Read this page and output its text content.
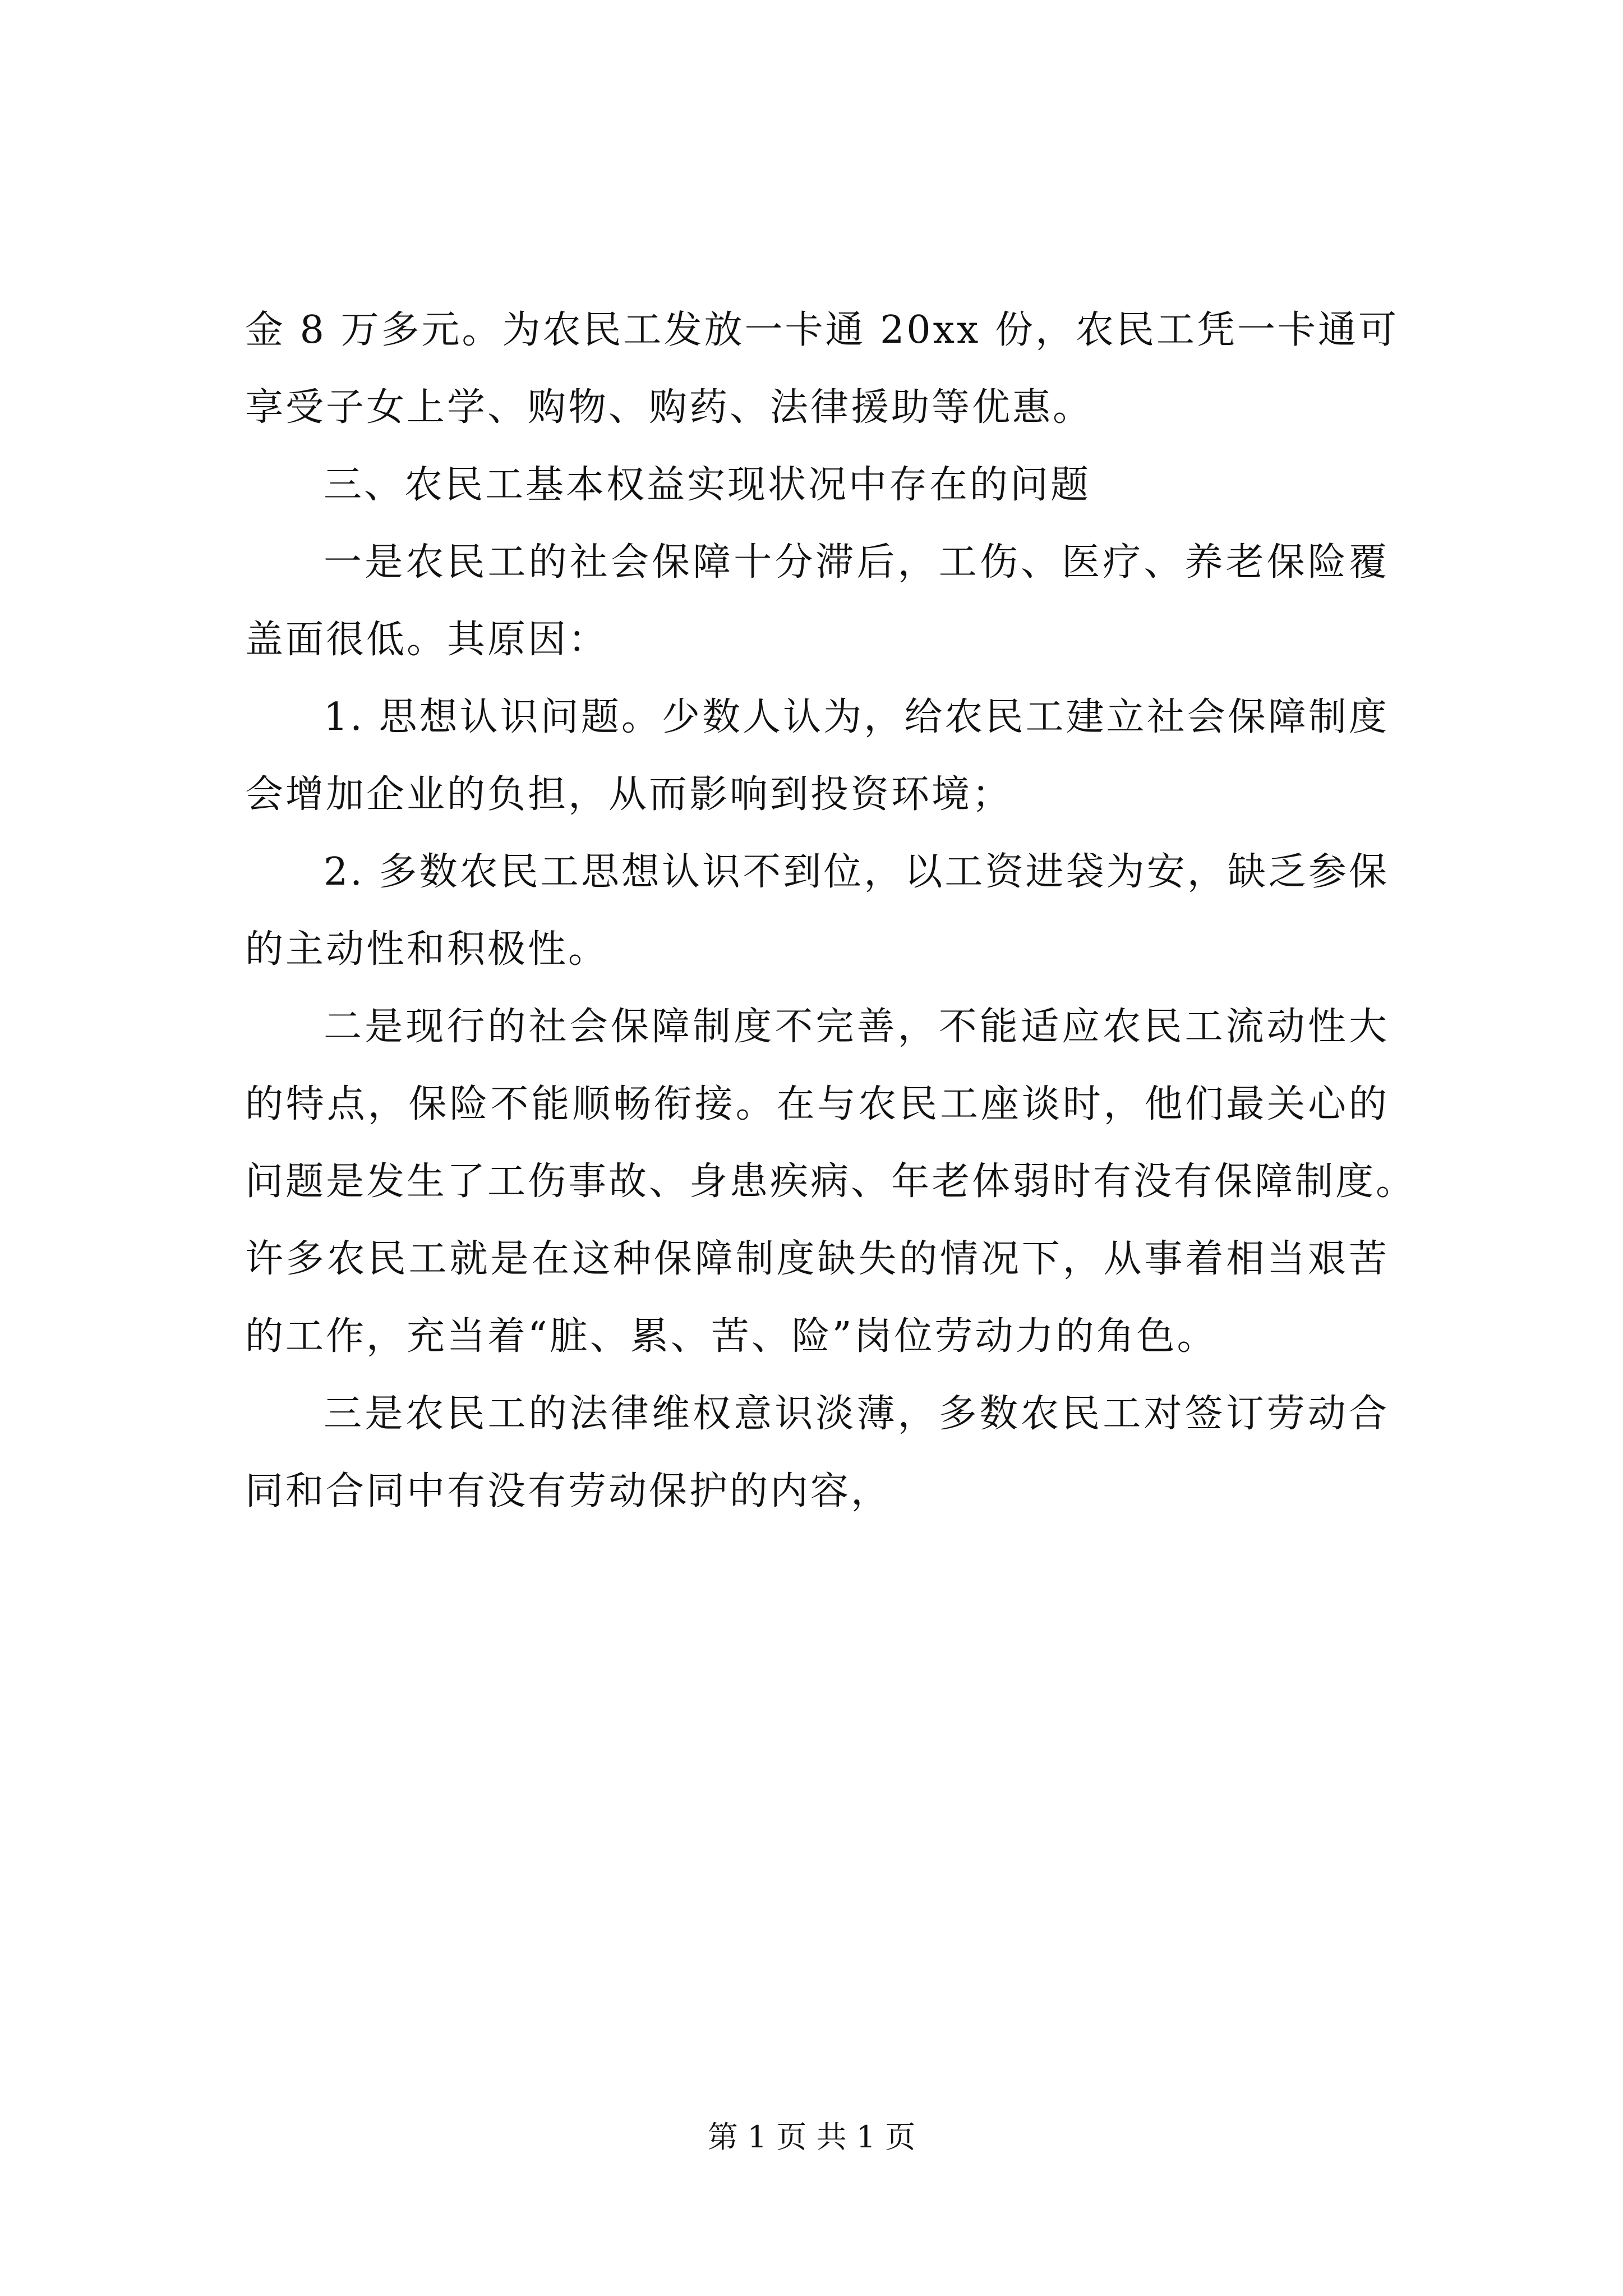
金 8 万多元。为农民工发放一卡通 20xx 份，农民工凭一卡通可
享受子女上学、购物、购药、法律援助等优惠。
三、农民工基本权益实现状况中存在的问题
一是农民工的社会保障十分滞后，工伤、医疗、养老保险覆
盖面很低。其原因：
1. 思想认识问题。少数人认为，给农民工建立社会保障制度
会增加企业的负担，从而影响到投资环境；
2. 多数农民工思想认识不到位，以工资进袋为安，缺乏参保
的主动性和积极性。
二是现行的社会保障制度不完善，不能适应农民工流动性大
的特点，保险不能顺畅衔接。在与农民工座谈时，他们最关心的
问题是发生了工伤事故、身患疾病、年老体弱时有没有保障制度。
许多农民工就是在这种保障制度缺失的情况下，从事着相当艰苦
的工作，充当着“脏、累、苦、险”岗位劳动力的角色。
三是农民工的法律维权意识淡薄，多数农民工对签订劳动合
同和合同中有没有劳动保护的内容，
第 1 页 共 1 页
